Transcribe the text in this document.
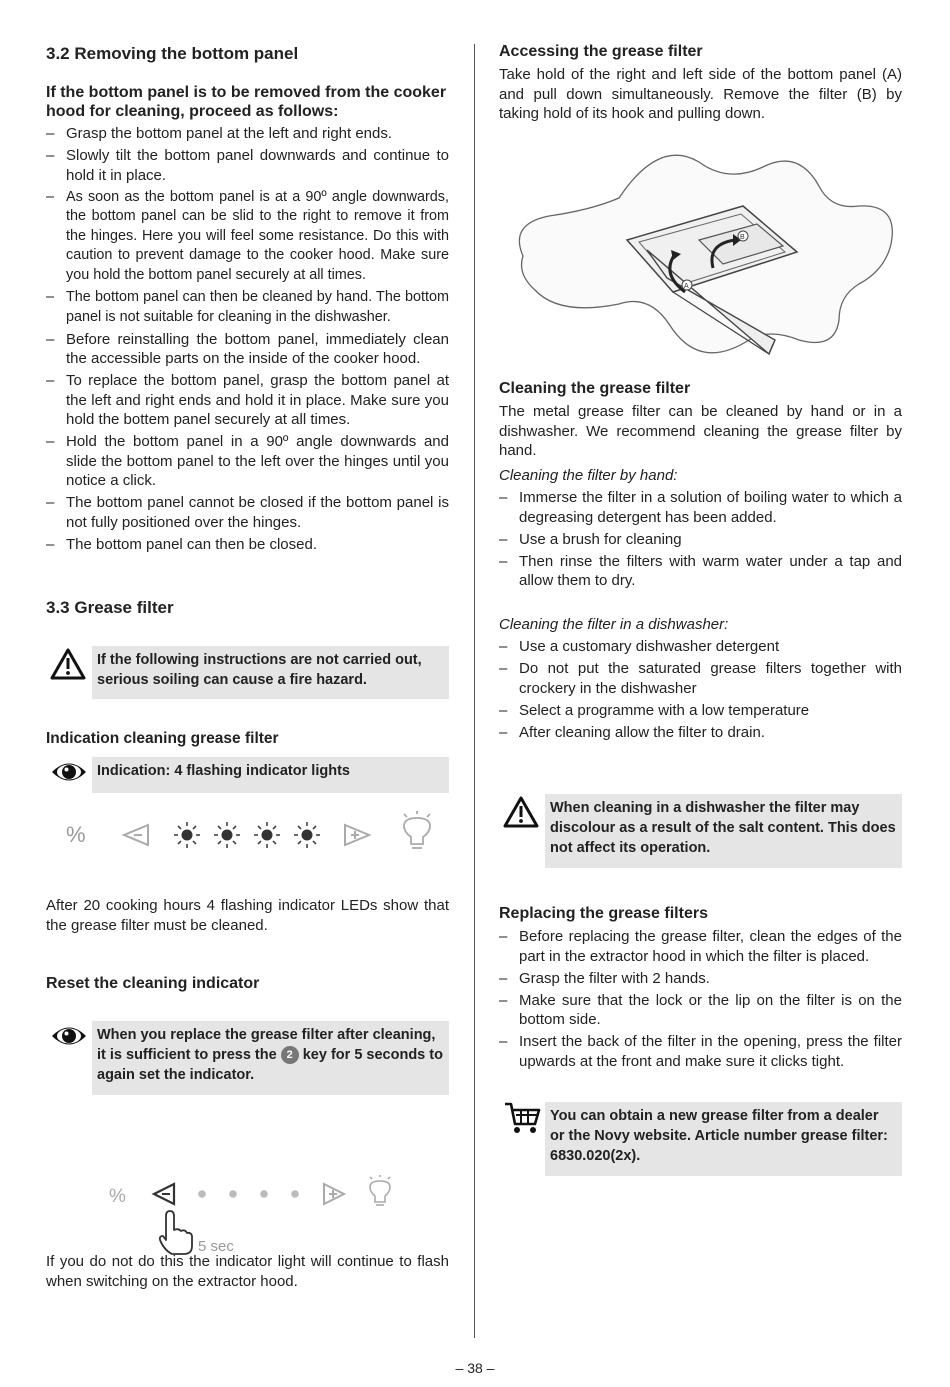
3.2 Removing the bottom panel
If the bottom panel is to be removed from the cooker hood for cleaning, proceed as follows:
– Grasp the bottom panel at the left and right ends.
– Slowly tilt the bottom panel downwards and continue to hold it in place.
– As soon as the bottom panel is at a 90º angle downwards, the bottom panel can be slid to the right to remove it from the hinges. Here you will feel some resistance. Do this with caution to prevent damage to the cooker hood. Make sure you hold the bottom panel securely at all times.
– The bottom panel can then be cleaned by hand. The bottom panel is not suitable for cleaning in the dishwasher.
– Before reinstalling the bottom panel, immediately clean the accessible parts on the inside of the cooker hood.
– To replace the bottom panel, grasp the bottom panel at the left and right ends and hold it in place. Make sure you hold the bottem panel securely at all times.
– Hold the bottom panel in a 90º angle downwards and slide the bottom panel to the left over the hinges until you notice a click.
– The bottom panel cannot be closed if the bottom panel is not fully positioned over the hinges.
– The bottom panel can then be closed.
3.3 Grease filter
If the following instructions are not carried out, serious soiling can cause a fire hazard.
Indication cleaning grease filter
Indication: 4 flashing indicator lights
%

After 20 cooking hours 4 flashing indicator LEDs show that the grease filter must be cleaned.

Reset the cleaning indicator
When you replace the grease filter after cleaning, it is sufficient to press the 2 key for 5 seconds to again set the indicator.
%
5 sec

If you do not do this the indicator light will continue to flash when switching on the extractor hood.

Accessing the grease filter

Take hold of the right and left side of the bottom panel (A) and pull down simultaneously. Remove the filter (B) by taking hold of its hook and pulling down.

A
B
Cleaning the grease filter

The metal grease filter can be cleaned by hand or in a dishwasher. We recommend cleaning the grease filter by hand.

Cleaning the filter by hand:

– Immerse the filter in a solution of boiling water to which a degreasing detergent has been added.
– Use a brush for cleaning
– Then rinse the filters with warm water under a tap and allow them to dry.

Cleaning the filter in a dishwasher:

– Use a customary dishwasher detergent
– Do not put the saturated grease filters together with crockery in the dishwasher
– Select a programme with a low temperature
– After cleaning allow the filter to drain.
When cleaning in a dishwasher the filter may discolour as a result of the salt content. This does not affect its operation.
Replacing the grease filters
– Before replacing the grease filter, clean the edges of the part in the extractor hood in which the filter is placed.
– Grasp the filter with 2 hands.
– Make sure that the lock or the lip on the filter is on the bottom side.
– Insert the back of the filter in the opening, press the filter upwards at the front and make sure it clicks tight.
You can obtain a new grease filter from a dealer or the Novy website. Article number grease filter: 6830.020(2x).
– 38 –
